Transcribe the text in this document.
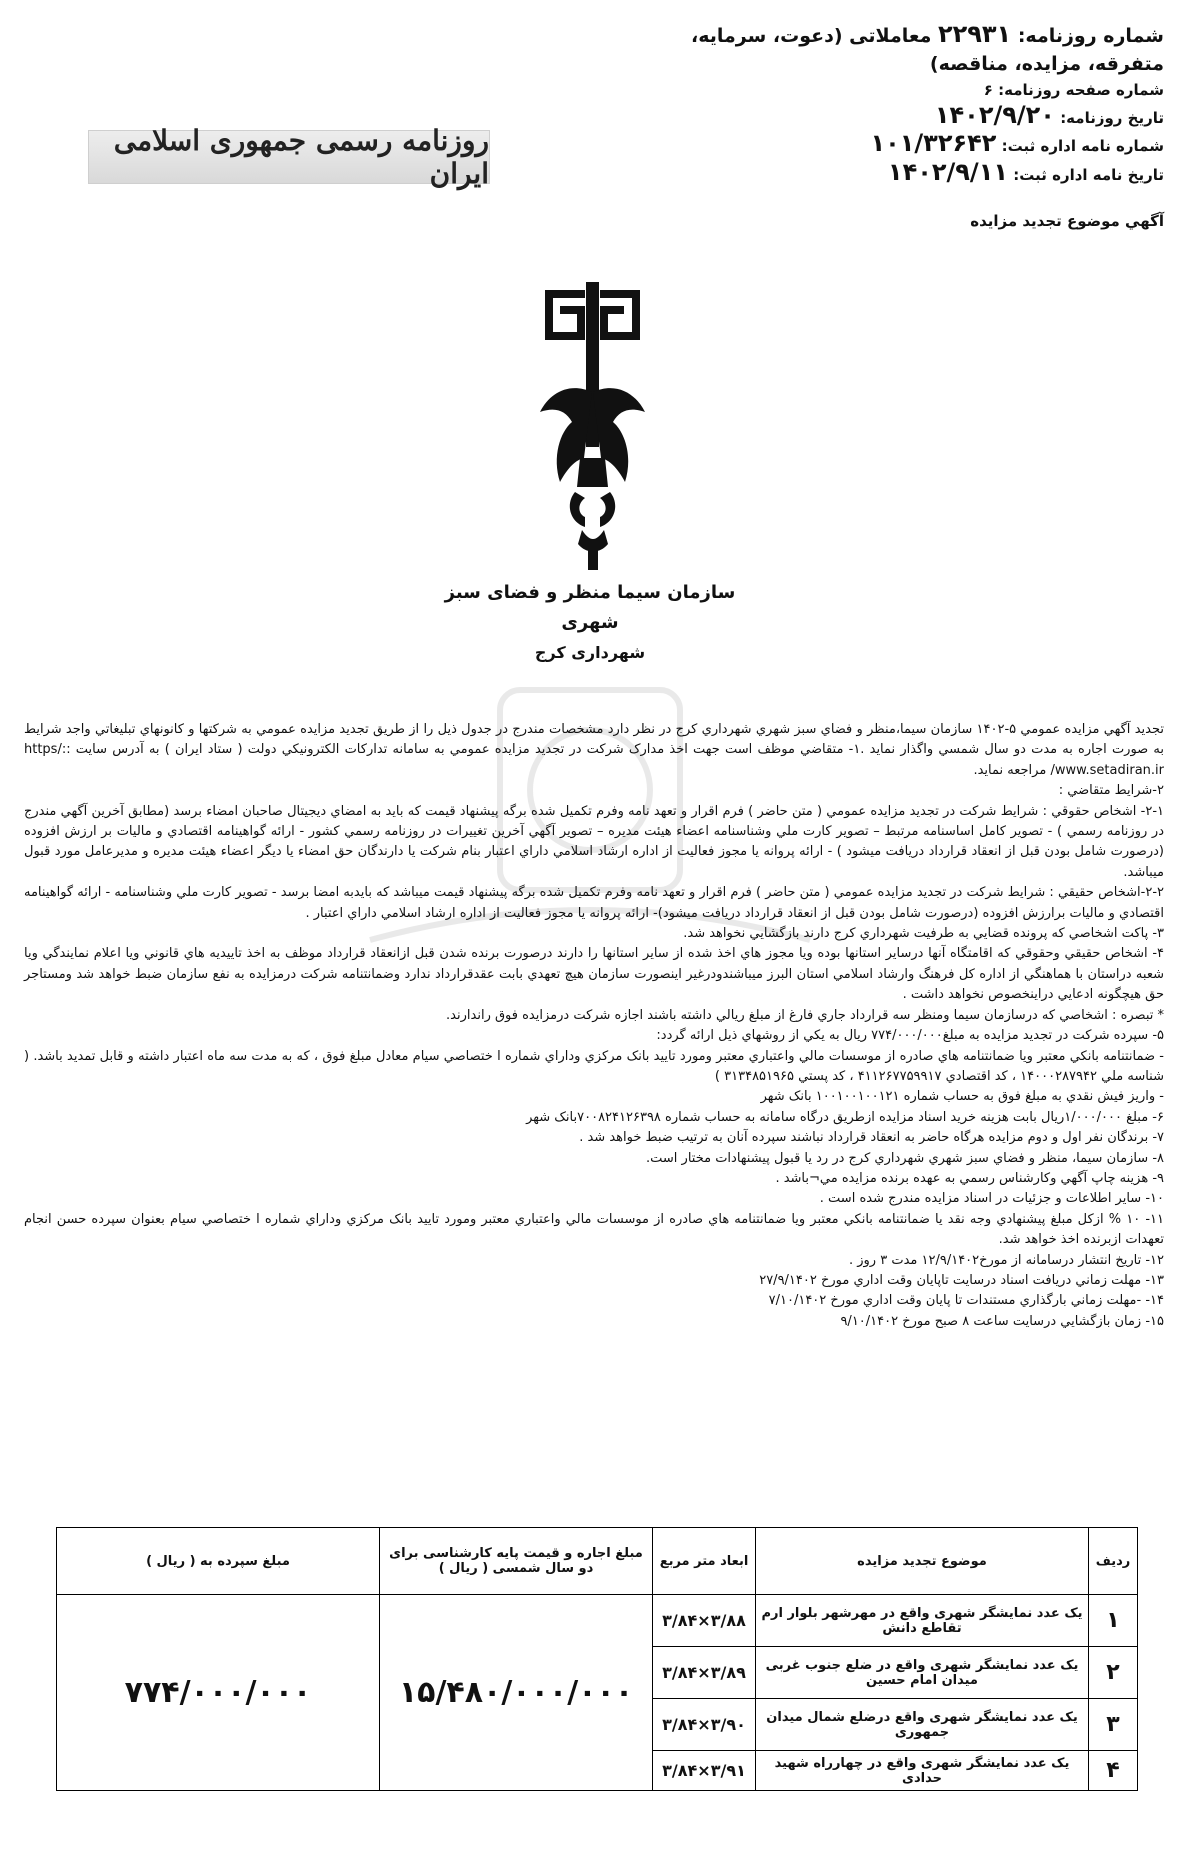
شماره روزنامه: ۲۲۹۳۱ معاملاتی (دعوت، سرمایه، متفرقه، مزایده، مناقصه)
شماره صفحه روزنامه: ۶
تاریخ روزنامه: ۱۴۰۲/۹/۲۰
شماره نامه اداره ثبت: ۱۰۱/۳۲۶۴۲
تاریخ نامه اداره ثبت: ۱۴۰۲/۹/۱۱
روزنامه رسمی جمهوری اسلامی ایران
آگهي موضوع تجدید مزایده
سازمان سیما منظر و فضای سبز شهری
شهرداری کرج

تجدید آگهي مزایده عمومي ۵-۱۴۰۲ سازمان سیما،منظر و فضاي سبز شهري شهرداري کرج در نظر دارد مشخصات مندرج در جدول ذیل را از طریق تجدید مزایده عمومي به شرکتها و کانونهاي تبلیغاتي واجد شرایط به صورت اجاره به مدت دو سال شمسي واگذار نماید .۱- متقاضي موظف است جهت اخذ مدارک شرکت در تجدید مزایده عمومي به سامانه تدارکات الکترونیکي دولت ( ستاد ایران ) به آدرس سایت ::https/ /www.setadiran.ir مراجعه نماید.

۲-شرایط متقاضي :

۲-۱- اشخاص حقوقي : شرایط شرکت در تجدید مزایده عمومي ( متن حاضر ) فرم اقرار و تعهد نامه وفرم تکمیل شده برگه پیشنهاد قیمت که باید به امضاي دیجیتال صاحبان امضاء برسد (مطابق آخرین آگهي مندرج در روزنامه رسمي ) - تصویر کامل اساسنامه مرتبط – تصویر کارت ملي وشناسنامه اعضاء هیئت مدیره – تصویر آگهي آخرین تغییرات در روزنامه رسمي کشور - ارائه گواهینامه اقتصادي و مالیات بر ارزش افزوده (درصورت شامل بودن قبل از انعقاد قرارداد دریافت میشود ) - ارائه پروانه یا مجوز فعالیت از اداره ارشاد اسلامي داراي اعتبار بنام شرکت یا دارندگان حق امضاء یا دیگر اعضاء هیئت مدیره و مدیرعامل مورد قبول میباشد.

۲-۲-اشخاص حقیقي : شرایط شرکت در تجدید مزایده عمومي ( متن حاضر ) فرم اقرار و تعهد نامه وفرم تکمیل شده برگه پیشنهاد قیمت میباشد که بایدبه امضا برسد - تصویر کارت ملي وشناسنامه - ارائه گواهینامه اقتصادي و مالیات برارزش افزوده (درصورت شامل بودن قبل از انعقاد قرارداد دریافت میشود)- ارائه پروانه یا مجوز فعالیت از اداره ارشاد اسلامي داراي اعتبار .

۳- پاکت اشخاصي که پرونده قضایي به طرفیت شهرداري کرج دارند بازگشایي نخواهد شد.

۴- اشخاص حقیقي وحقوقي که اقامتگاه آنها درسایر استانها بوده ویا مجوز هاي اخذ شده از سایر استانها را دارند درصورت برنده شدن قبل ازانعقاد قرارداد موظف به اخذ تاییدیه هاي قانوني ویا اعلام نمایندگي ویا شعبه دراستان با هماهنگي از اداره کل فرهنگ وارشاد اسلامي استان البرز میباشندودرغیر اینصورت سازمان هیچ تعهدي بابت عقدقرارداد ندارد وضمانتنامه شرکت درمزایده به نفع سازمان ضبط خواهد شد ومستاجر حق هیچگونه ادعایي دراینخصوص نخواهد داشت .

* تبصره : اشخاصي که درسازمان سیما ومنظر سه قرارداد جاري فارغ از مبلغ ریالي داشته باشند اجازه شرکت درمزایده فوق راندارند.

۵- سپرده شرکت در تجدید مزایده به مبلغ۷۷۴/۰۰۰/۰۰۰ ریال به یکي از روشهاي ذیل ارائه گردد:

- ضمانتنامه بانکي معتبر ویا ضمانتنامه هاي صادره از موسسات مالي واعتباري معتبر ومورد تایید بانک مرکزي وداراي شماره ا ختصاصي سیام معادل مبلغ فوق ، که به مدت سه ماه اعتبار داشته و قابل تمدید باشد. ( شناسه ملي ۱۴۰۰۰۲۸۷۹۴۲ ، کد اقتصادي ۴۱۱۲۶۷۷۵۹۹۱۷ ، کد پستي ۳۱۳۴۸۵۱۹۶۵ )

- واریز فیش نقدي به مبلغ فوق به حساب شماره ۱۰۰۱۰۰۱۰۰۱۲۱ بانک شهر

۶- مبلغ ۱/۰۰۰/۰۰۰ریال بابت هزینه خرید اسناد مزایده ازطریق درگاه سامانه به حساب شماره ۷۰۰۸۲۴۱۲۶۳۹۸بانک شهر

۷- برندگان نفر اول و دوم مزایده هرگاه حاضر به انعقاد قرارداد نباشند سپرده آنان به ترتیب ضبط خواهد شد .

۸- سازمان سیما، منظر و فضاي سبز شهري شهرداري کرج در رد یا قبول پیشنهادات مختار است.

۹- هزینه چاپ آگهي وکارشناس رسمي به عهده برنده مزایده مي¬باشد .

۱۰- سایر اطلاعات و جزئیات در اسناد مزایده مندرج شده است .

۱۱- ۱۰ % ازکل مبلغ پیشنهادي وجه نقد یا ضمانتنامه بانکي معتبر ویا ضمانتنامه هاي صادره از موسسات مالي واعتباري معتبر ومورد تایید بانک مرکزي وداراي شماره ا ختصاصي سیام بعنوان سپرده حسن انجام تعهدات ازبرنده اخذ خواهد شد.

۱۲- تاریخ انتشار درسامانه از مورخ۱۲/۹/۱۴۰۲ مدت ۳ روز .

۱۳- مهلت زماني دریافت اسناد درسایت تاپایان وقت اداري مورخ ۲۷/۹/۱۴۰۲

۱۴- -مهلت زماني بارگذاري مستندات تا پایان وقت اداري مورخ ۷/۱۰/۱۴۰۲

۱۵- زمان بازگشایي درسایت ساعت ۸ صبح مورخ ۹/۱۰/۱۴۰۲

ردیف	موضوع تجدید مزایده	ابعاد متر مربع	مبلغ اجاره و قیمت پایه کارشناسی برای دو سال شمسی ( ریال )	مبلغ سپرده به ( ریال )
۱	یک عدد نمایشگر شهری واقع در مهرشهر بلوار ارم تقاطع دانش	۳/۸۴×۳/۸۸	۱۵/۴۸۰/۰۰۰/۰۰۰	۷۷۴/۰۰۰/۰۰۰
۲	یک عدد نمایشگر شهری واقع در ضلع جنوب غربی میدان امام حسین	۳/۸۴×۳/۸۹		
۳	یک عدد نمایشگر شهری واقع درضلع شمال میدان جمهوری	۳/۸۴×۳/۹۰		
۴	یک عدد نمایشگر شهری واقع در چهارراه شهید حدادی	۳/۸۴×۳/۹۱		
